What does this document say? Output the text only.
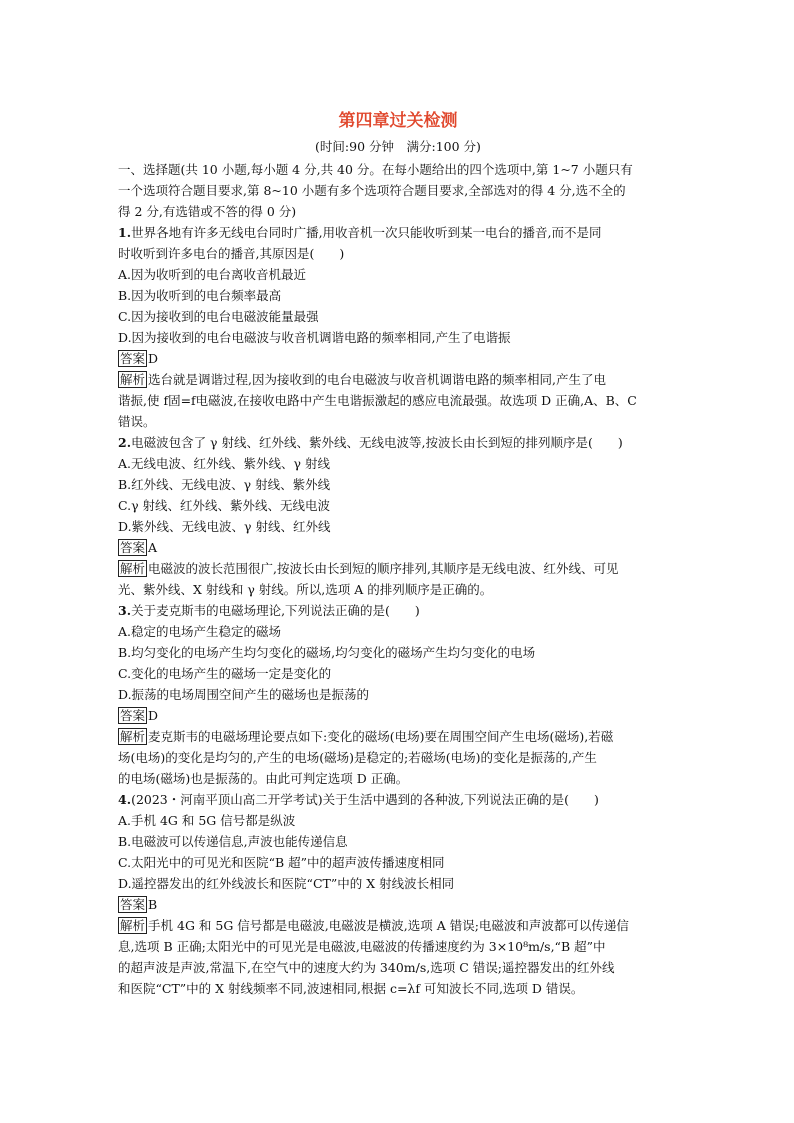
第四章过关检测
(时间:90 分钟　满分:100 分)

一、选择题(共 10 小题,每小题 4 分,共 40 分。在每小题给出的四个选项中,第 1~7 小题只有

一个选项符合题目要求,第 8~10 小题有多个选项符合题目要求,全部选对的得 4 分,选不全的

得 2 分,有选错或不答的得 0 分)

1.世界各地有许多无线电台同时广播,用收音机一次只能收听到某一电台的播音,而不是同

时收听到许多电台的播音,其原因是(　　)

A.因为收听到的电台离收音机最近

B.因为收听到的电台频率最高

C.因为接收到的电台电磁波能量最强

D.因为接收到的电台电磁波与收音机调谐电路的频率相同,产生了电谐振

答案 D

解析 选台就是调谐过程,因为接收到的电台电磁波与收音机调谐电路的频率相同,产生了电

谐振,使 f固=f电磁波,在接收电路中产生电谐振激起的感应电流最强。故选项 D 正确,A、B、C

错误。

2.电磁波包含了 γ 射线、红外线、紫外线、无线电波等,按波长由长到短的排列顺序是(　　)

A.无线电波、红外线、紫外线、γ 射线

B.红外线、无线电波、γ 射线、紫外线

C.γ 射线、红外线、紫外线、无线电波

D.紫外线、无线电波、γ 射线、红外线

答案 A

解析 电磁波的波长范围很广,按波长由长到短的顺序排列,其顺序是无线电波、红外线、可见

光、紫外线、X 射线和 γ 射线。所以,选项 A 的排列顺序是正确的。

3.关于麦克斯韦的电磁场理论,下列说法正确的是(　　)

A.稳定的电场产生稳定的磁场

B.均匀变化的电场产生均匀变化的磁场,均匀变化的磁场产生均匀变化的电场

C.变化的电场产生的磁场一定是变化的

D.振荡的电场周围空间产生的磁场也是振荡的

答案 D

解析 麦克斯韦的电磁场理论要点如下:变化的磁场(电场)要在周围空间产生电场(磁场),若磁

场(电场)的变化是均匀的,产生的电场(磁场)是稳定的;若磁场(电场)的变化是振荡的,产生

的电场(磁场)也是振荡的。由此可判定选项 D 正确。

4.(2023・河南平顶山高二开学考试)关于生活中遇到的各种波,下列说法正确的是(　　)

A.手机 4G 和 5G 信号都是纵波

B.电磁波可以传递信息,声波也能传递信息

C.太阳光中的可见光和医院“B 超”中的超声波传播速度相同

D.遥控器发出的红外线波长和医院“CT”中的 X 射线波长相同

答案 B

解析 手机 4G 和 5G 信号都是电磁波,电磁波是横波,选项 A 错误;电磁波和声波都可以传递信

息,选项 B 正确;太阳光中的可见光是电磁波,电磁波的传播速度约为 3×10⁸m/s,“B 超”中

的超声波是声波,常温下,在空气中的速度大约为 340m/s,选项 C 错误;遥控器发出的红外线

和医院“CT”中的 X 射线频率不同,波速相同,根据 c=λf 可知波长不同,选项 D 错误。
